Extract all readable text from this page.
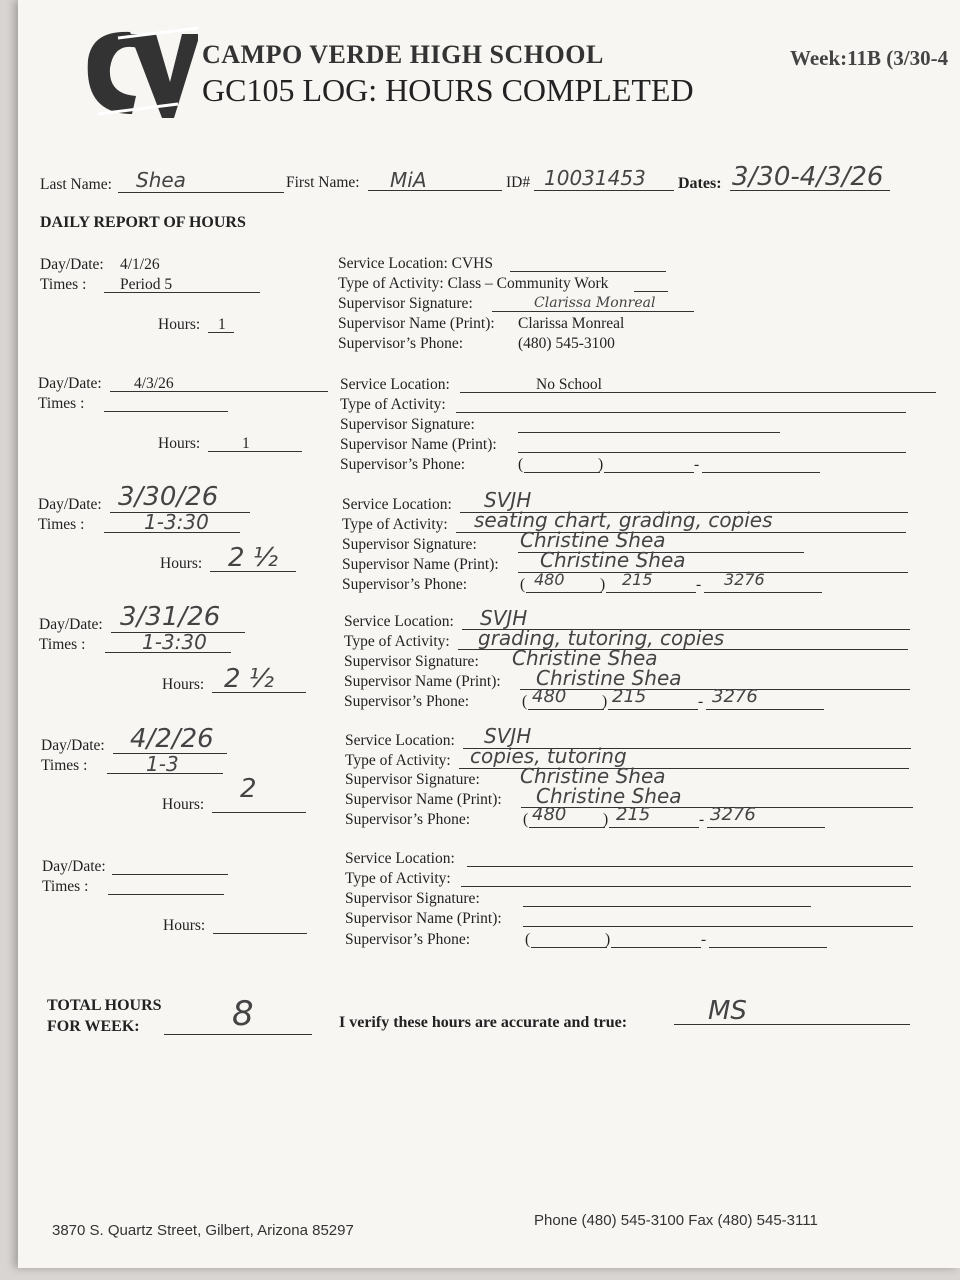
CAMPO VERDE HIGH SCHOOL
GC105 LOG: HOURS COMPLETED
Week:11B (3/30-4
Last Name: Shea	First Name: MiA	ID# 10031453 Dates: 3/30-4/3/26
DAILY REPORT OF HOURS
Day/Date: 4/1/26
Times : Period 5
Hours: 1
Service Location: CVHS
Type of Activity: Class – Community Work
Supervisor Signature:	Clarissa Monreal
Supervisor Name (Print): Clarissa Monreal
Supervisor’s Phone:	(480) 545-3100
Day/Date: 4/3/26
Times :
Hours:	1
Service Location:	No School
Type of Activity:
Supervisor Signature:
Supervisor Name (Print):
Supervisor’s Phone:	(	)	-
Day/Date: 3/30/26
Times :	1-3:30
Hours: 2 ½
Service Location: SVJH
Type of Activity: seating chart, grading, copies
Supervisor Signature: Christine Shea
Supervisor Name (Print): Christine Shea
Supervisor’s Phone:	( 480 ) 215	- 3276
Day/Date: 3/31/26
Times :	1-3:30
Hours: 2 ½
Service Location: SVJH
Type of Activity: grading, tutoring, copies
Supervisor Signature: Christine Shea
Supervisor Name (Print): Christine Shea
Supervisor’s Phone:	( 480 ) 215	- 3276
Day/Date: 4/2/26
Times :	1-3
Hours:
2
Service Location: SVJH
Type of Activity: copies, tutoring
Supervisor Signature: Christine Shea
Supervisor Name (Print): Christine Shea
Supervisor’s Phone:	( 480 ) 215	- 3276
Day/Date:
Times :
Hours:
Service Location:
Type of Activity:
Supervisor Signature:
Supervisor Name (Print):
Supervisor’s Phone:	(	)	-
TOTAL HOURS
FOR WEEK:	8	I verify these hours are accurate and true:	MS
3870 S. Quartz Street, Gilbert, Arizona 85297
Phone (480) 545-3100 Fax (480) 545-3111
